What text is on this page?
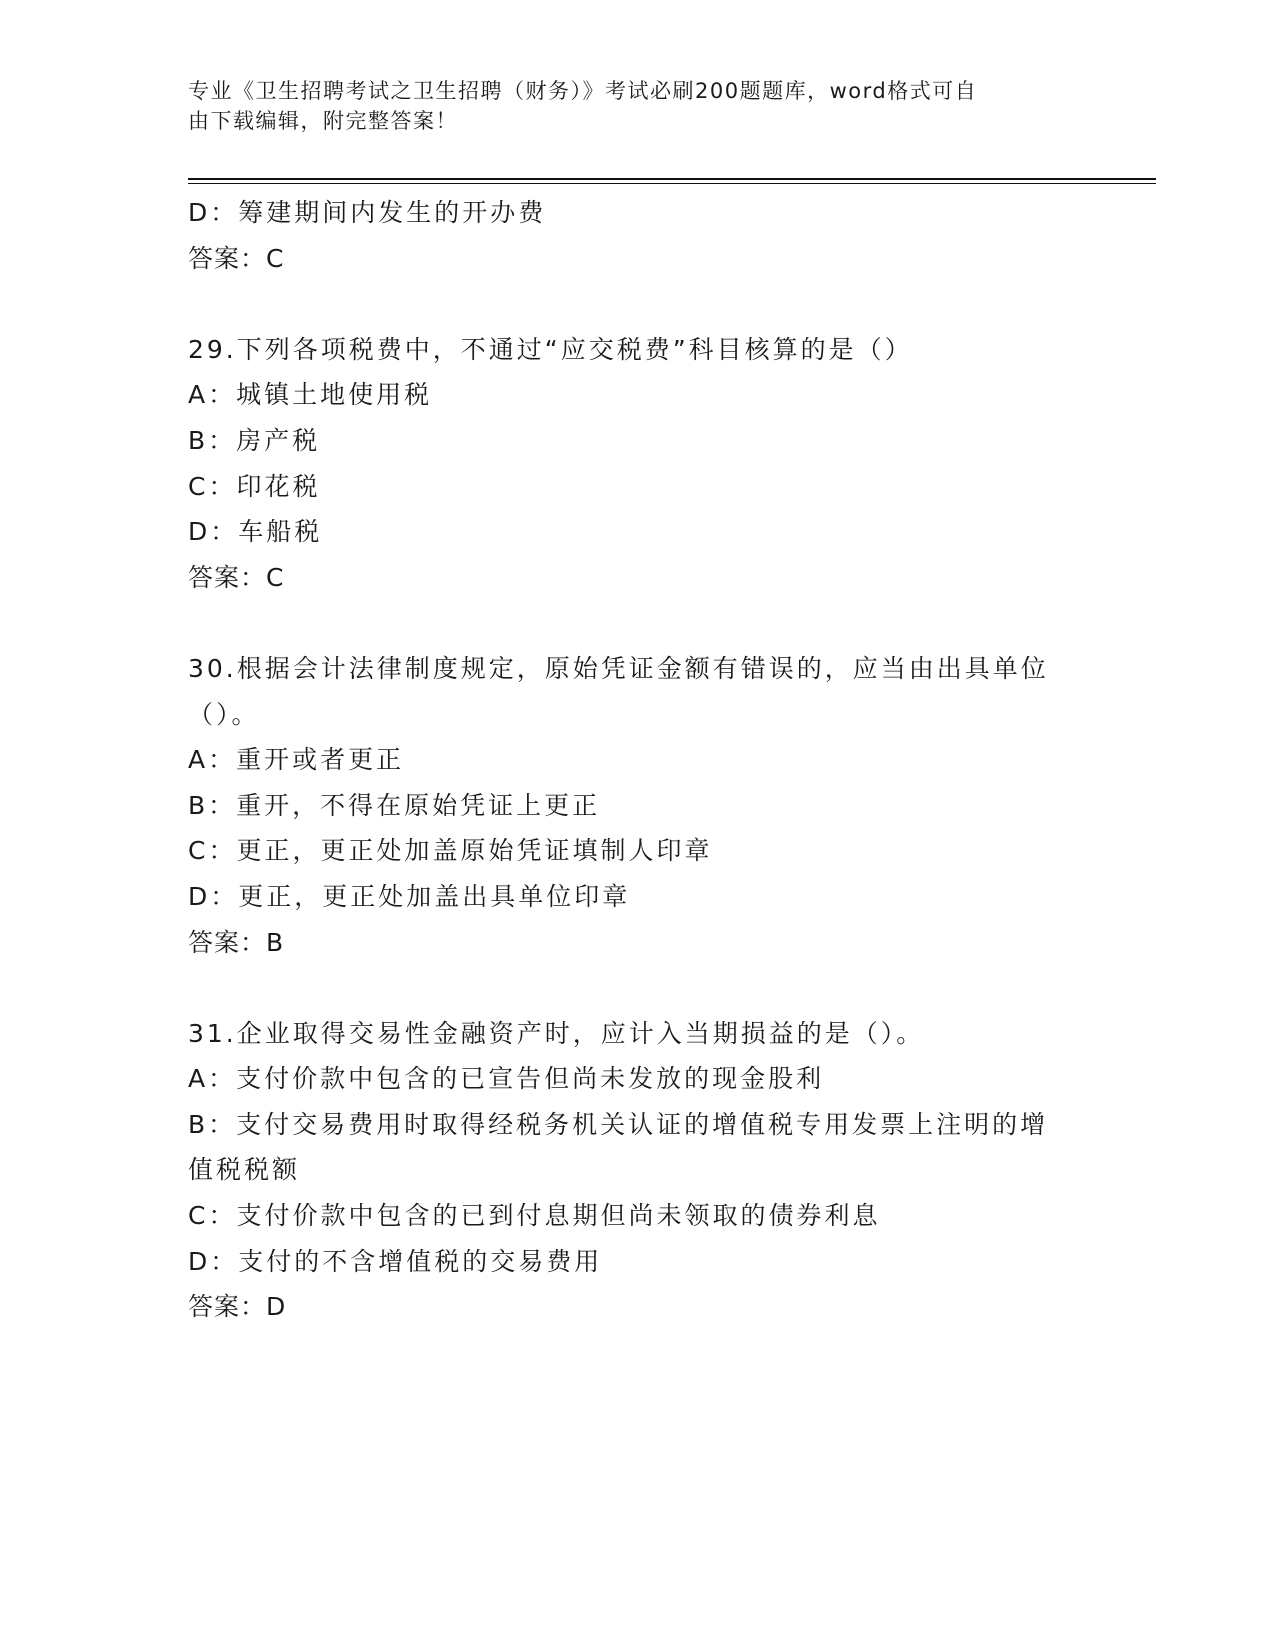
专业《卫生招聘考试之卫生招聘（财务）》考试必刷200题题库，word格式可自
由下载编辑，附完整答案！
D：筹建期间内发生的开办费
答案：C
29.下列各项税费中，不通过“应交税费”科目核算的是（）
A：城镇土地使用税
B：房产税
C：印花税
D：车船税
答案：C
30.根据会计法律制度规定，原始凭证金额有错误的，应当由出具单位
（）。
A：重开或者更正
B：重开，不得在原始凭证上更正
C：更正，更正处加盖原始凭证填制人印章
D：更正，更正处加盖出具单位印章
答案：B
31.企业取得交易性金融资产时，应计入当期损益的是（）。
A：支付价款中包含的已宣告但尚未发放的现金股利
B：支付交易费用时取得经税务机关认证的增值税专用发票上注明的增
值税税额
C：支付价款中包含的已到付息期但尚未领取的债券利息
D：支付的不含增值税的交易费用
答案：D
